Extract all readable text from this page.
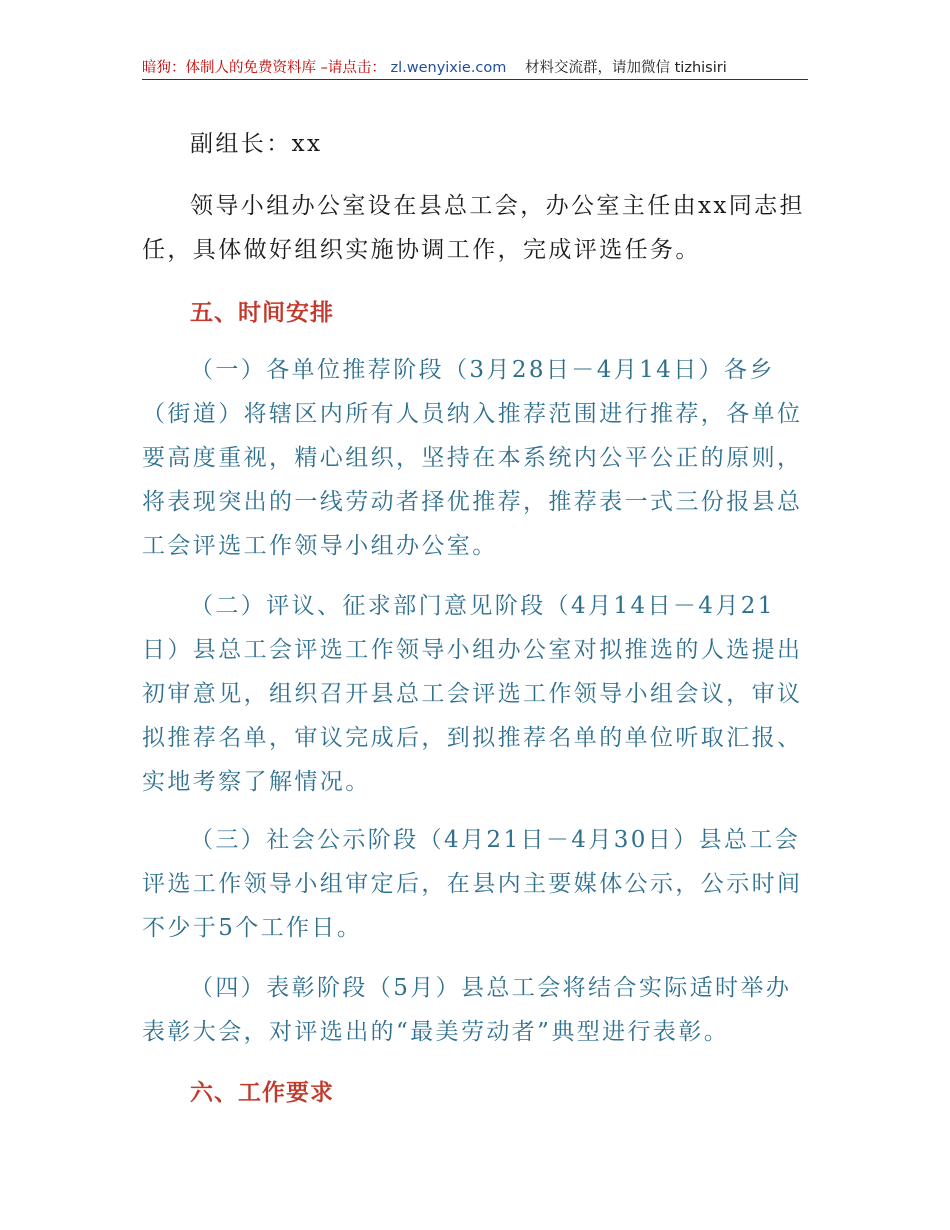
暗狗：体制人的免费资料库 –请点击： zl.wenyixie.com 材料交流群，请加微信 tizhisiri
副组长：xx
领导小组办公室设在县总工会，办公室主任由xx同志担任，具体做好组织实施协调工作，完成评选任务。
五、时间安排
（一）各单位推荐阶段（3月28日－4月14日）各乡（街道）将辖区内所有人员纳入推荐范围进行推荐，各单位要高度重视，精心组织，坚持在本系统内公平公正的原则，将表现突出的一线劳动者择优推荐，推荐表一式三份报县总工会评选工作领导小组办公室。
（二）评议、征求部门意见阶段（4月14日－4月21日）县总工会评选工作领导小组办公室对拟推选的人选提出初审意见，组织召开县总工会评选工作领导小组会议，审议拟推荐名单，审议完成后，到拟推荐名单的单位听取汇报、实地考察了解情况。
（三）社会公示阶段（4月21日－4月30日）县总工会评选工作领导小组审定后，在县内主要媒体公示，公示时间不少于5个工作日。
（四）表彰阶段（5月）县总工会将结合实际适时举办表彰大会，对评选出的“最美劳动者”典型进行表彰。
六、工作要求
